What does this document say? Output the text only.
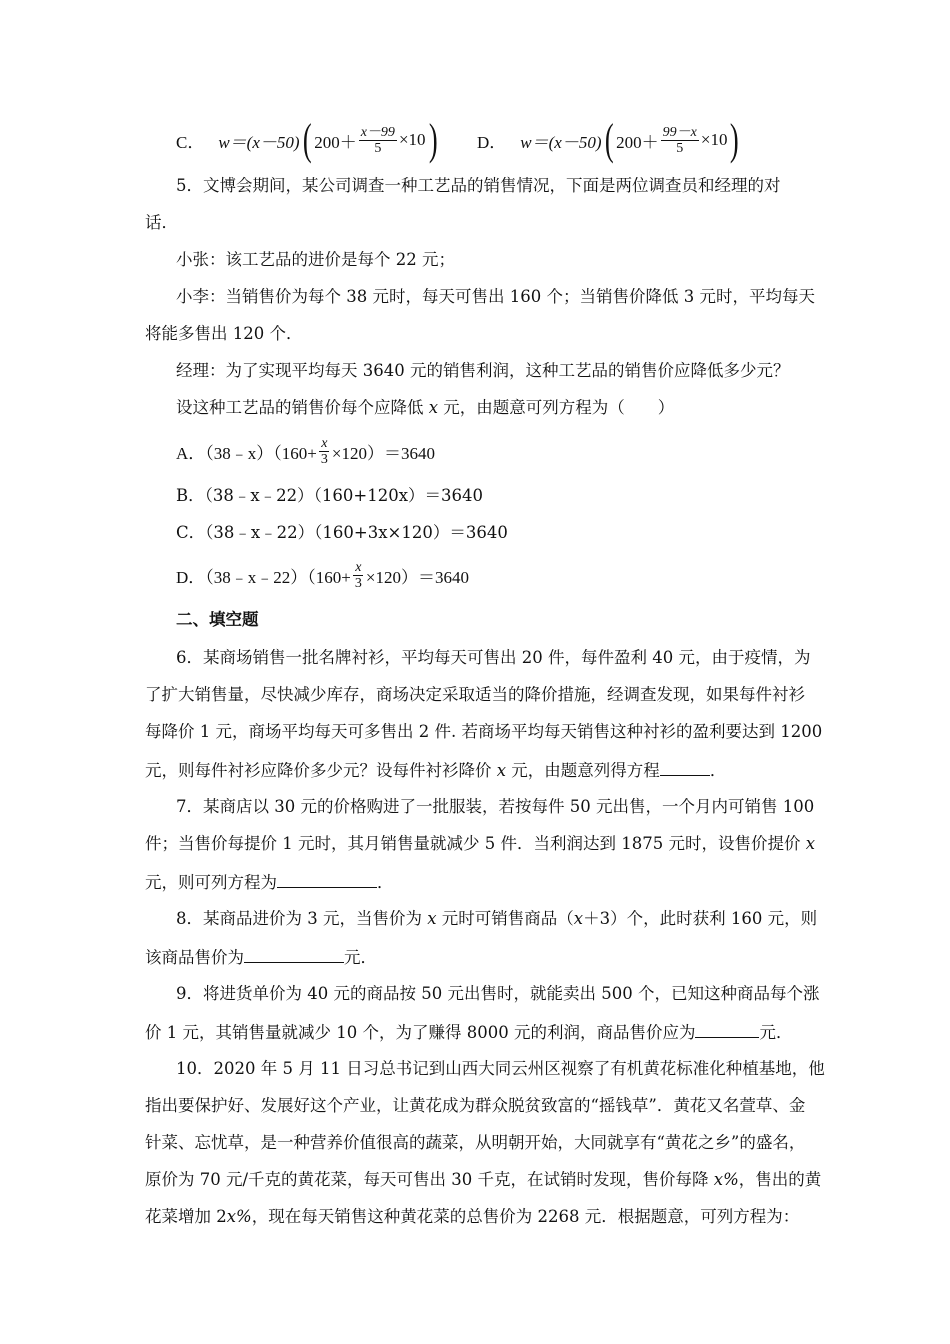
C． w＝(x－50) ( $200+ \frac{x-99}{5} \times 10$ ) D． w＝(x－50) ( $200+ \frac{99-x}{5} \times 10$ )
5．文博会期间，某公司调查一种工艺品的销售情况，下面是两位调查员和经理的对
话．
小张：该工艺品的进价是每个 22 元；
小李：当销售价为每个 38 元时，每天可售出 160 个；当销售价降低 3 元时，平均每天
将能多售出 120 个．
经理：为了实现平均每天 3640 元的销售利润，这种工艺品的销售价应降低多少元？
设这种工艺品的销售价每个应降低 x 元，由题意可列方程为（　　）
A．（38﹣x）（160+ $\frac{x}{3} \times 120)=3640$
B．（38﹣x﹣22）（160+120x）＝3640
C．（38﹣x﹣22）（160+3x×120）＝3640
D．（38﹣x﹣22）（160+ $\frac{x}{3} \times 120)=3640$
二、填空题
6．某商场销售一批名牌衬衫，平均每天可售出 20 件，每件盈利 40 元，由于疫情，为
了扩大销售量，尽快减少库存，商场决定采取适当的降价措施，经调查发现，如果每件衬衫
每降价 1 元，商场平均每天可多售出 2 件. 若商场平均每天销售这种衬衫的盈利要达到 1200
元，则每件衬衫应降价多少元？设每件衬衫降价 x 元，由题意列得方程	．
7．某商店以 30 元的价格购进了一批服装，若按每件 50 元出售，一个月内可销售 100
件；当售价每提价 1 元时，其月销售量就减少 5 件．当利润达到 1875 元时，设售价提价 x
元，则可列方程为	．
8．某商品进价为 3 元，当售价为 x 元时可销售商品（x＋3）个，此时获利 160 元，则
该商品售价为	元．
9．将进货单价为 40 元的商品按 50 元出售时，就能卖出 500 个，已知这种商品每个涨
价 1 元，其销售量就减少 10 个，为了赚得 8000 元的利润，商品售价应为	元．
10．2020 年 5 月 11 日习总书记到山西大同云州区视察了有机黄花标准化种植基地，他
指出要保护好、发展好这个产业，让黄花成为群众脱贫致富的“摇钱草”．黄花又名萱草、金
针菜、忘忧草，是一种营养价值很高的蔬菜，从明朝开始，大同就享有“黄花之乡”的盛名，
原价为 70 元/千克的黄花菜，每天可售出 30 千克，在试销时发现，售价每降 x%，售出的黄
花菜增加 2x%，现在每天销售这种黄花菜的总售价为 2268 元．根据题意，可列方程为：
